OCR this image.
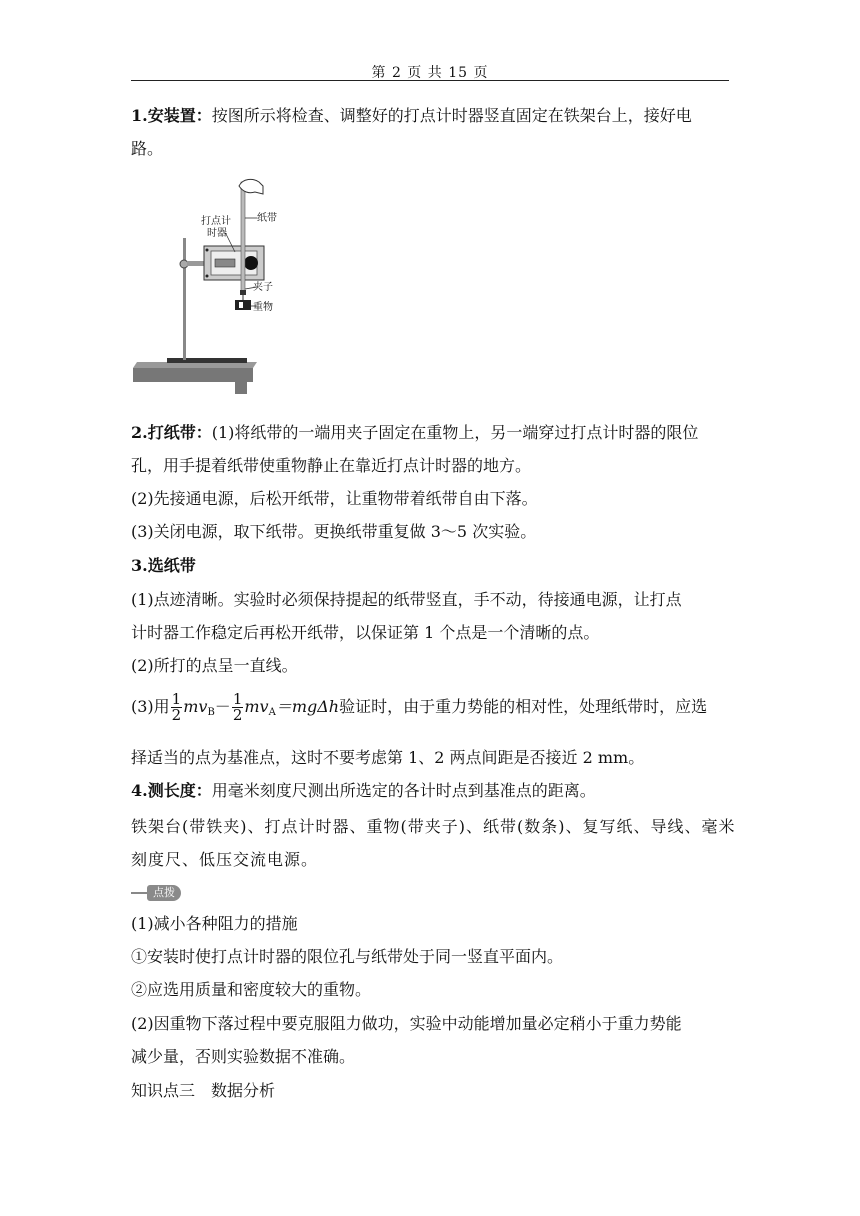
第 2 页 共 15 页
1.安装置：按图所示将检查、调整好的打点计时器竖直固定在铁架台上，接好电
路。
打点计
时器
纸带
夹子
重物
2.打纸带：(1)将纸带的一端用夹子固定在重物上，另一端穿过打点计时器的限位
孔，用手提着纸带使重物静止在靠近打点计时器的地方。
(2)先接通电源，后松开纸带，让重物带着纸带自由下落。
(3)关闭电源，取下纸带。更换纸带重复做 3～5 次实验。
3.选纸带
(1)点迹清晰。实验时必须保持提起的纸带竖直，手不动，待接通电源，让打点
计时器工作稳定后再松开纸带，以保证第 1 个点是一个清晰的点。
(2)所打的点呈一直线。
(3)用 $\frac{1}{2} mv_B- \frac{1}{2} mv_A=mg\Delta h$验证时，由于重力势能的相对性，处理纸带时，应选
择适当的点为基准点，这时不要考虑第 1、2 两点间距是否接近 2 mm。
4.测长度：用毫米刻度尺测出所选定的各计时点到基准点的距离。
铁架台(带铁夹)、打点计时器、重物(带夹子)、纸带(数条)、复写纸、导线、毫米
刻度尺、低压交流电源。
点拨
(1)减小各种阻力的措施
①安装时使打点计时器的限位孔与纸带处于同一竖直平面内。
②应选用质量和密度较大的重物。
(2)因重物下落过程中要克服阻力做功，实验中动能增加量必定稍小于重力势能
减少量，否则实验数据不准确。
知识点三　数据分析
